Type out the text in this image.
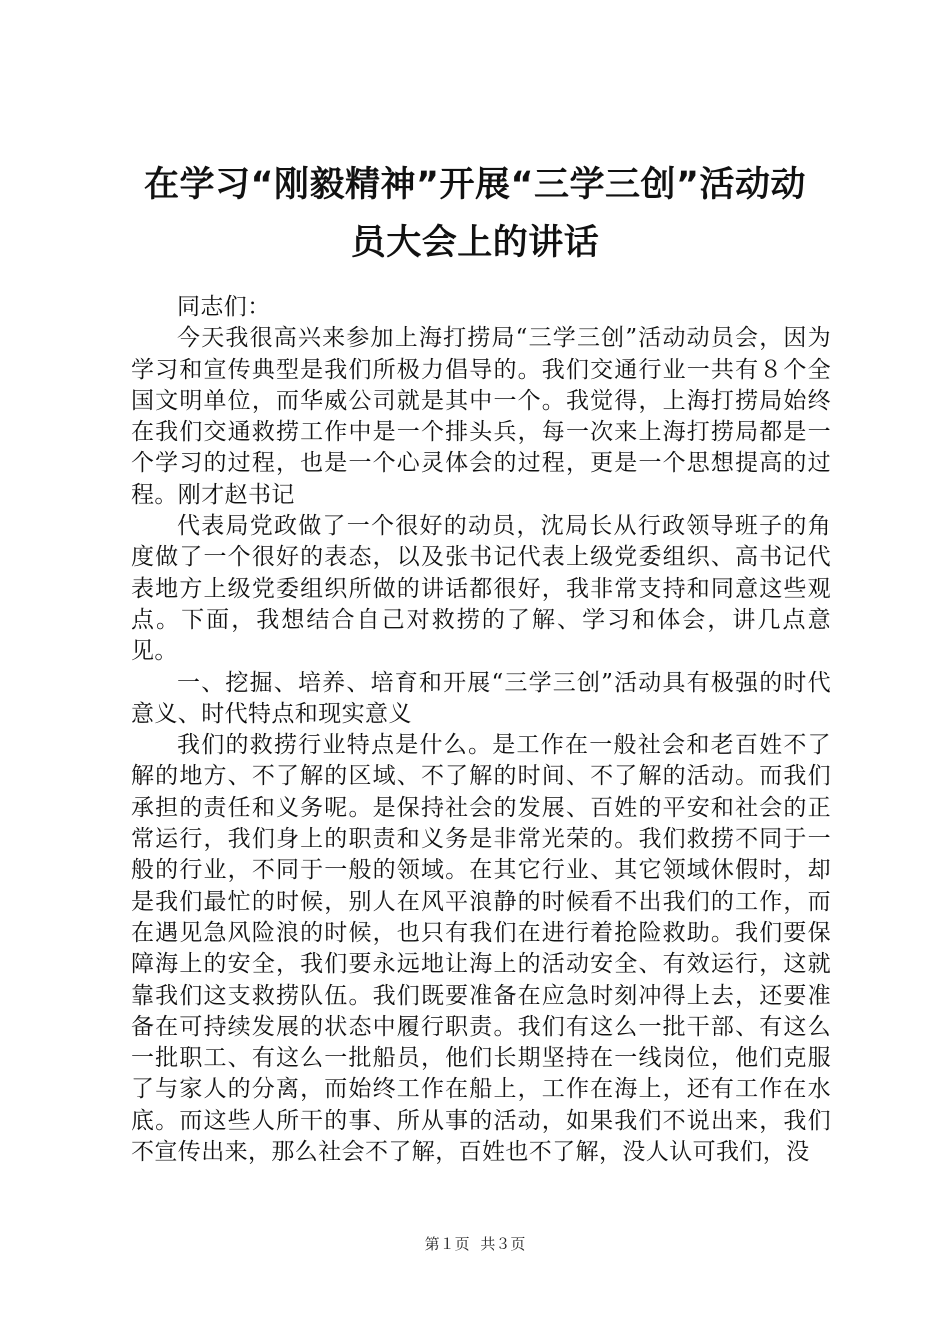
在学习“刚毅精神”开展“三学三创”活动动
员大会上的讲话

同志们：

今天我很高兴来参加上海打捞局“三学三创”活动动员会，因为学习和宣传典型是我们所极力倡导的。我们交通行业一共有８个全国文明单位，而华威公司就是其中一个。我觉得，上海打捞局始终在我们交通救捞工作中是一个排头兵，每一次来上海打捞局都是一个学习的过程，也是一个心灵体会的过程，更是一个思想提高的过程。刚才赵书记

代表局党政做了一个很好的动员，沈局长从行政领导班子的角度做了一个很好的表态，以及张书记代表上级党委组织、高书记代表地方上级党委组织所做的讲话都很好，我非常支持和同意这些观点。下面，我想结合自己对救捞的了解、学习和体会，讲几点意见。

一、挖掘、培养、培育和开展“三学三创”活动具有极强的时代意义、时代特点和现实意义

我们的救捞行业特点是什么。是工作在一般社会和老百姓不了解的地方、不了解的区域、不了解的时间、不了解的活动。而我们承担的责任和义务呢。是保持社会的发展、百姓的平安和社会的正常运行，我们身上的职责和义务是非常光荣的。我们救捞不同于一般的行业，不同于一般的领域。在其它行业、其它领域休假时，却是我们最忙的时候，别人在风平浪静的时候看不出我们的工作，而在遇见急风险浪的时候，也只有我们在进行着抢险救助。我们要保障海上的安全，我们要永远地让海上的活动安全、有效运行，这就靠我们这支救捞队伍。我们既要准备在应急时刻冲得上去，还要准备在可持续发展的状态中履行职责。我们有这么一批干部、有这么一批职工、有这么一批船员，他们长期坚持在一线岗位，他们克服了与家人的分离，而始终工作在船上，工作在海上，还有工作在水底。而这些人所干的事、所从事的活动，如果我们不说出来，我们不宣传出来，那么社会不了解，百姓也不了解，没人认可我们，没

第１页 共３页
